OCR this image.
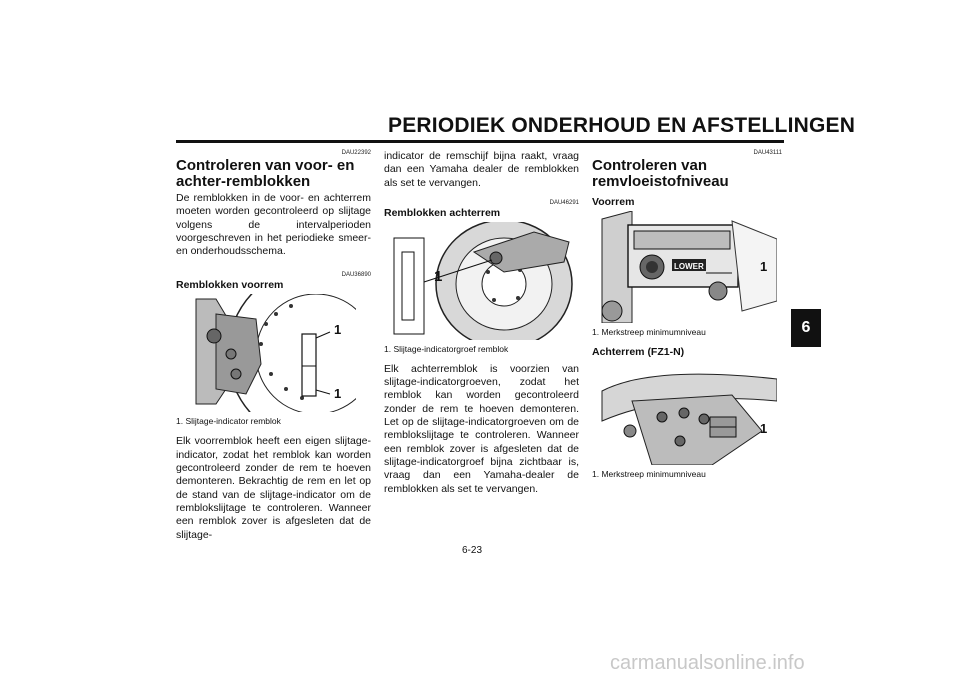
PERIODIEK ONDERHOUD EN AFSTELLINGEN

DAU22392

Controleren van voor- en achter-remblokken

De remblokken in de voor- en achterrem moeten worden gecontroleerd op slijtage volgens de intervalperioden voorgeschreven in het periodieke smeer- en onderhoudsschema.

DAU36890

Remblokken voorrem
1
1
1. Slijtage-indicator remblok

Elk voorremblok heeft een eigen slijtage-indicator, zodat het remblok kan worden gecontroleerd zonder de rem te hoeven demonteren. Bekrachtig de rem en let op de stand van de slijtage-indicator om de remblokslijtage te controleren. Wanneer een remblok zover is afgesleten dat de slijtage-

indicator de remschijf bijna raakt, vraag dan een Yamaha dealer de remblokken als set te vervangen.

DAU46291

Remblokken achterrem
1
1. Slijtage-indicatorgroef remblok

Elk achterremblok is voorzien van slijtage-indicatorgroeven, zodat het remblok kan worden gecontroleerd zonder de rem te hoeven demonteren. Let op de slijtage-indicatorgroeven om de remblokslijtage te controleren. Wanneer een remblok zover is afgesleten dat de slijtage-indicatorgroef bijna zichtbaar is, vraag dan een Yamaha-dealer de remblokken als set te vervangen.

DAU43111

Controleren van remvloeistofniveau
Voorrem
LOWER	1
1. Merkstreep minimumniveau
Achterrem (FZ1-N)
1
1. Merkstreep minimumniveau
6
6-23
carmanualsonline.info
